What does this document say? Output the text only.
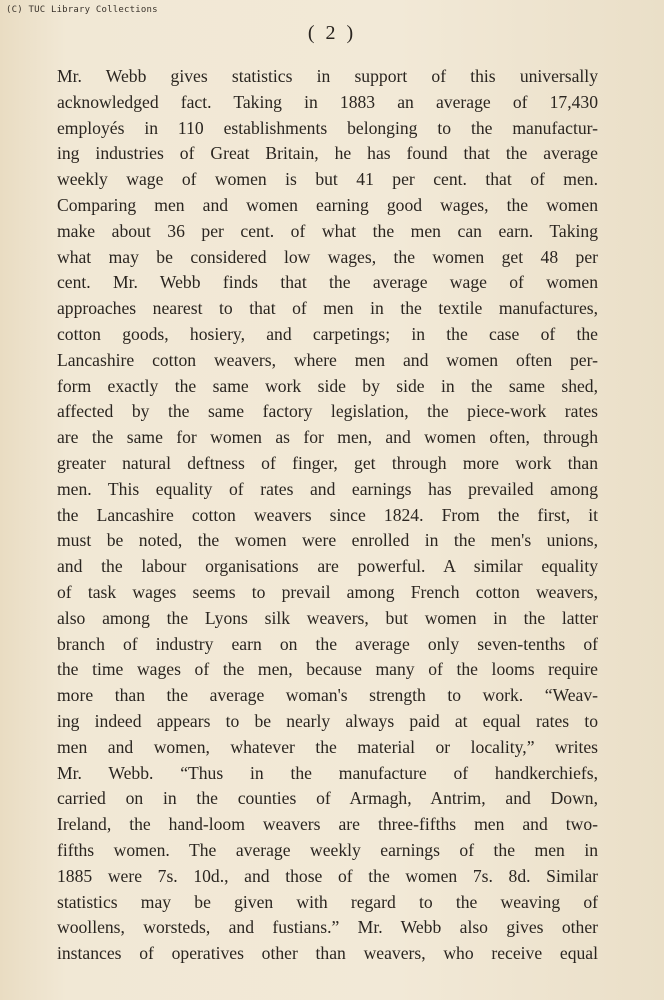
(C) TUC Library Collections
( 2 )
Mr. Webb gives statistics in support of this universally
acknowledged fact. Taking in 1883 an average of 17,430
employés in 110 establishments belonging to the manufactur-
ing industries of Great Britain, he has found that the average
weekly wage of women is but 41 per cent. that of men.
Comparing men and women earning good wages, the women
make about 36 per cent. of what the men can earn. Taking
what may be considered low wages, the women get 48 per
cent. Mr. Webb finds that the average wage of women
approaches nearest to that of men in the textile manufactures,
cotton goods, hosiery, and carpetings; in the case of the
Lancashire cotton weavers, where men and women often per-
form exactly the same work side by side in the same shed,
affected by the same factory legislation, the piece-work rates
are the same for women as for men, and women often, through
greater natural deftness of finger, get through more work than
men. This equality of rates and earnings has prevailed among
the Lancashire cotton weavers since 1824. From the first, it
must be noted, the women were enrolled in the men's unions,
and the labour organisations are powerful. A similar equality
of task wages seems to prevail among French cotton weavers,
also among the Lyons silk weavers, but women in the latter
branch of industry earn on the average only seven-tenths of
the time wages of the men, because many of the looms require
more than the average woman's strength to work. “Weav-
ing indeed appears to be nearly always paid at equal rates to
men and women, whatever the material or locality,” writes
Mr. Webb. “Thus in the manufacture of handkerchiefs,
carried on in the counties of Armagh, Antrim, and Down,
Ireland, the hand-loom weavers are three-fifths men and two-
fifths women. The average weekly earnings of the men in
1885 were 7s. 10d., and those of the women 7s. 8d. Similar
statistics may be given with regard to the weaving of
woollens, worsteds, and fustians.” Mr. Webb also gives other
instances of operatives other than weavers, who receive equal
